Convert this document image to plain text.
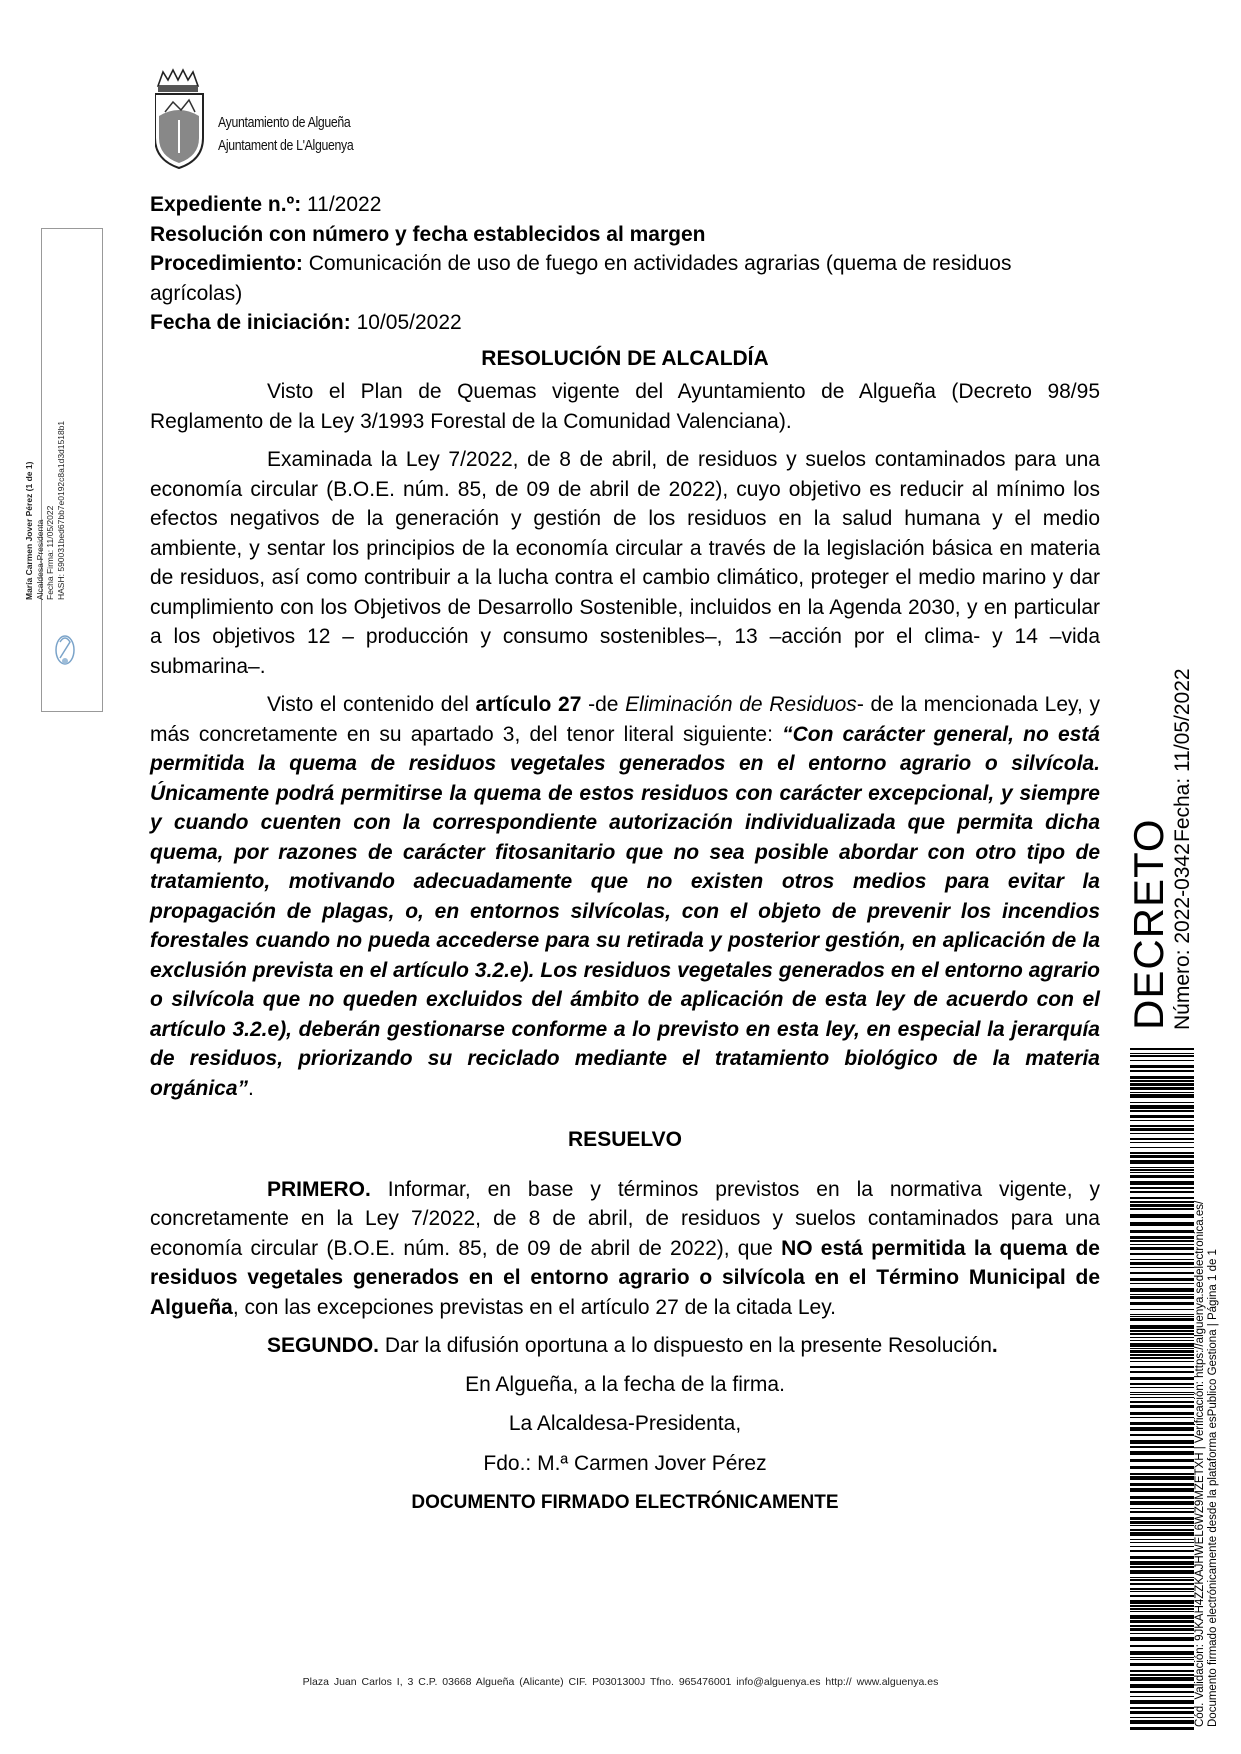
Ayuntamiento de Algueña
Ajuntament de L'Alguenya
María Carmen Jover Pérez (1 de 1) Alcaldesa-Presidenta Fecha Firma: 11/05/2022 HASH: 590031bed67bb7e0192c8a1d3d1518b1

Expediente n.º: 11/2022

Resolución con número y fecha establecidos al margen

Procedimiento: Comunicación de uso de fuego en actividades agrarias (quema de residuos agrícolas)

Fecha de iniciación: 10/05/2022

RESOLUCIÓN DE ALCALDÍA

Visto el Plan de Quemas vigente del Ayuntamiento de Algueña (Decreto 98/95 Reglamento de la Ley 3/1993 Forestal de la Comunidad Valenciana).

Examinada la Ley 7/2022, de 8 de abril, de residuos y suelos contaminados para una economía circular (B.O.E. núm. 85, de 09 de abril de 2022), cuyo objetivo es reducir al mínimo los efectos negativos de la generación y gestión de los residuos en la salud humana y el medio ambiente, y sentar los principios de la economía circular a través de la legislación básica en materia de residuos, así como contribuir a la lucha contra el cambio climático, proteger el medio marino y dar cumplimiento con los Objetivos de Desarrollo Sostenible, incluidos en la Agenda 2030, y en particular a los objetivos 12 – producción y consumo sostenibles–, 13 –acción por el clima- y 14 –vida submarina–.

Visto el contenido del artículo 27 -de Eliminación de Residuos- de la mencionada Ley, y más concretamente en su apartado 3, del tenor literal siguiente: “Con carácter general, no está permitida la quema de residuos vegetales generados en el entorno agrario o silvícola. Únicamente podrá permitirse la quema de estos residuos con carácter excepcional, y siempre y cuando cuenten con la correspondiente autorización individualizada que permita dicha quema, por razones de carácter fitosanitario que no sea posible abordar con otro tipo de tratamiento, motivando adecuadamente que no existen otros medios para evitar la propagación de plagas, o, en entornos silvícolas, con el objeto de prevenir los incendios forestales cuando no pueda accederse para su retirada y posterior gestión, en aplicación de la exclusión prevista en el artículo 3.2.e). Los residuos vegetales generados en el entorno agrario o silvícola que no queden excluidos del ámbito de aplicación de esta ley de acuerdo con el artículo 3.2.e), deberán gestionarse conforme a lo previsto en esta ley, en especial la jerarquía de residuos, priorizando su reciclado mediante el tratamiento biológico de la materia orgánica”.

RESUELVO

PRIMERO. Informar, en base y términos previstos en la normativa vigente, y concretamente en la Ley 7/2022, de 8 de abril, de residuos y suelos contaminados para una economía circular (B.O.E. núm. 85, de 09 de abril de 2022), que NO está permitida la quema de residuos vegetales generados en el entorno agrario o silvícola en el Término Municipal de Algueña, con las excepciones previstas en el artículo 27 de la citada Ley.

SEGUNDO. Dar la difusión oportuna a lo dispuesto en la presente Resolución.

En Algueña, a la fecha de la firma.

La Alcaldesa-Presidenta,

Fdo.: M.ª Carmen Jover Pérez

DOCUMENTO FIRMADO ELECTRÓNICAMENTE

DECRETO Número: 2022-0342
Fecha: 11/05/2022
Cód. Validación: 9JKAH4ZZKAJHWEL6WZ9MZETXH | Verificación: https://alguenya.sedelectronica.es/ Documento firmado electrónicamente desde la plataforma esPublico Gestiona | Página 1 de 1
Plaza Juan Carlos I, 3 C.P. 03668 Algueña (Alicante) CIF. P0301300J Tfno. 965476001 info@alguenya.es http:// www.alguenya.es
